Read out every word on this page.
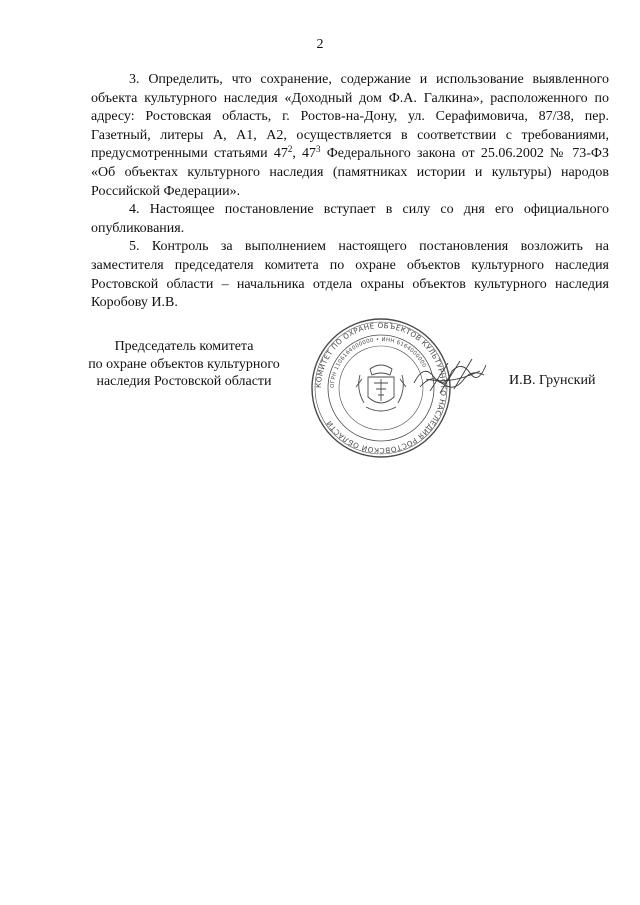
2

3. Определить, что сохранение, содержание и использование выявленного объекта культурного наследия «Доходный дом Ф.А. Галкина», расположенного по адресу: Ростовская область, г. Ростов-на-Дону, ул. Серафимовича, 87/38, пер. Газетный, литеры А, А1, А2, осуществляется в соответствии с требованиями, предусмотренными статьями $47^2$, $47^3$ Федерального закона от 25.06.2002 № 73-ФЗ «Об объектах культурного наследия (памятниках истории и культуры) народов Российской Федерации».

4. Настоящее постановление вступает в силу со дня его официального опубликования.

5. Контроль за выполнением настоящего постановления возложить на заместителя председателя комитета по охране объектов культурного наследия Ростовской области – начальника отдела охраны объектов культурного наследия Коробову И.В.

Председатель комитета
по охране объектов культурного
наследия Ростовской области	КОМИТЕТ ПО ОХРАНЕ ОБЪЕКТОВ КУЛЬТУРНОГО НАСЛЕДИЯ РОСТОВСКОЙ ОБЛАСТИ
ОГРН 1106164000000 • ИНН 6164000000
И.В. Грунский
